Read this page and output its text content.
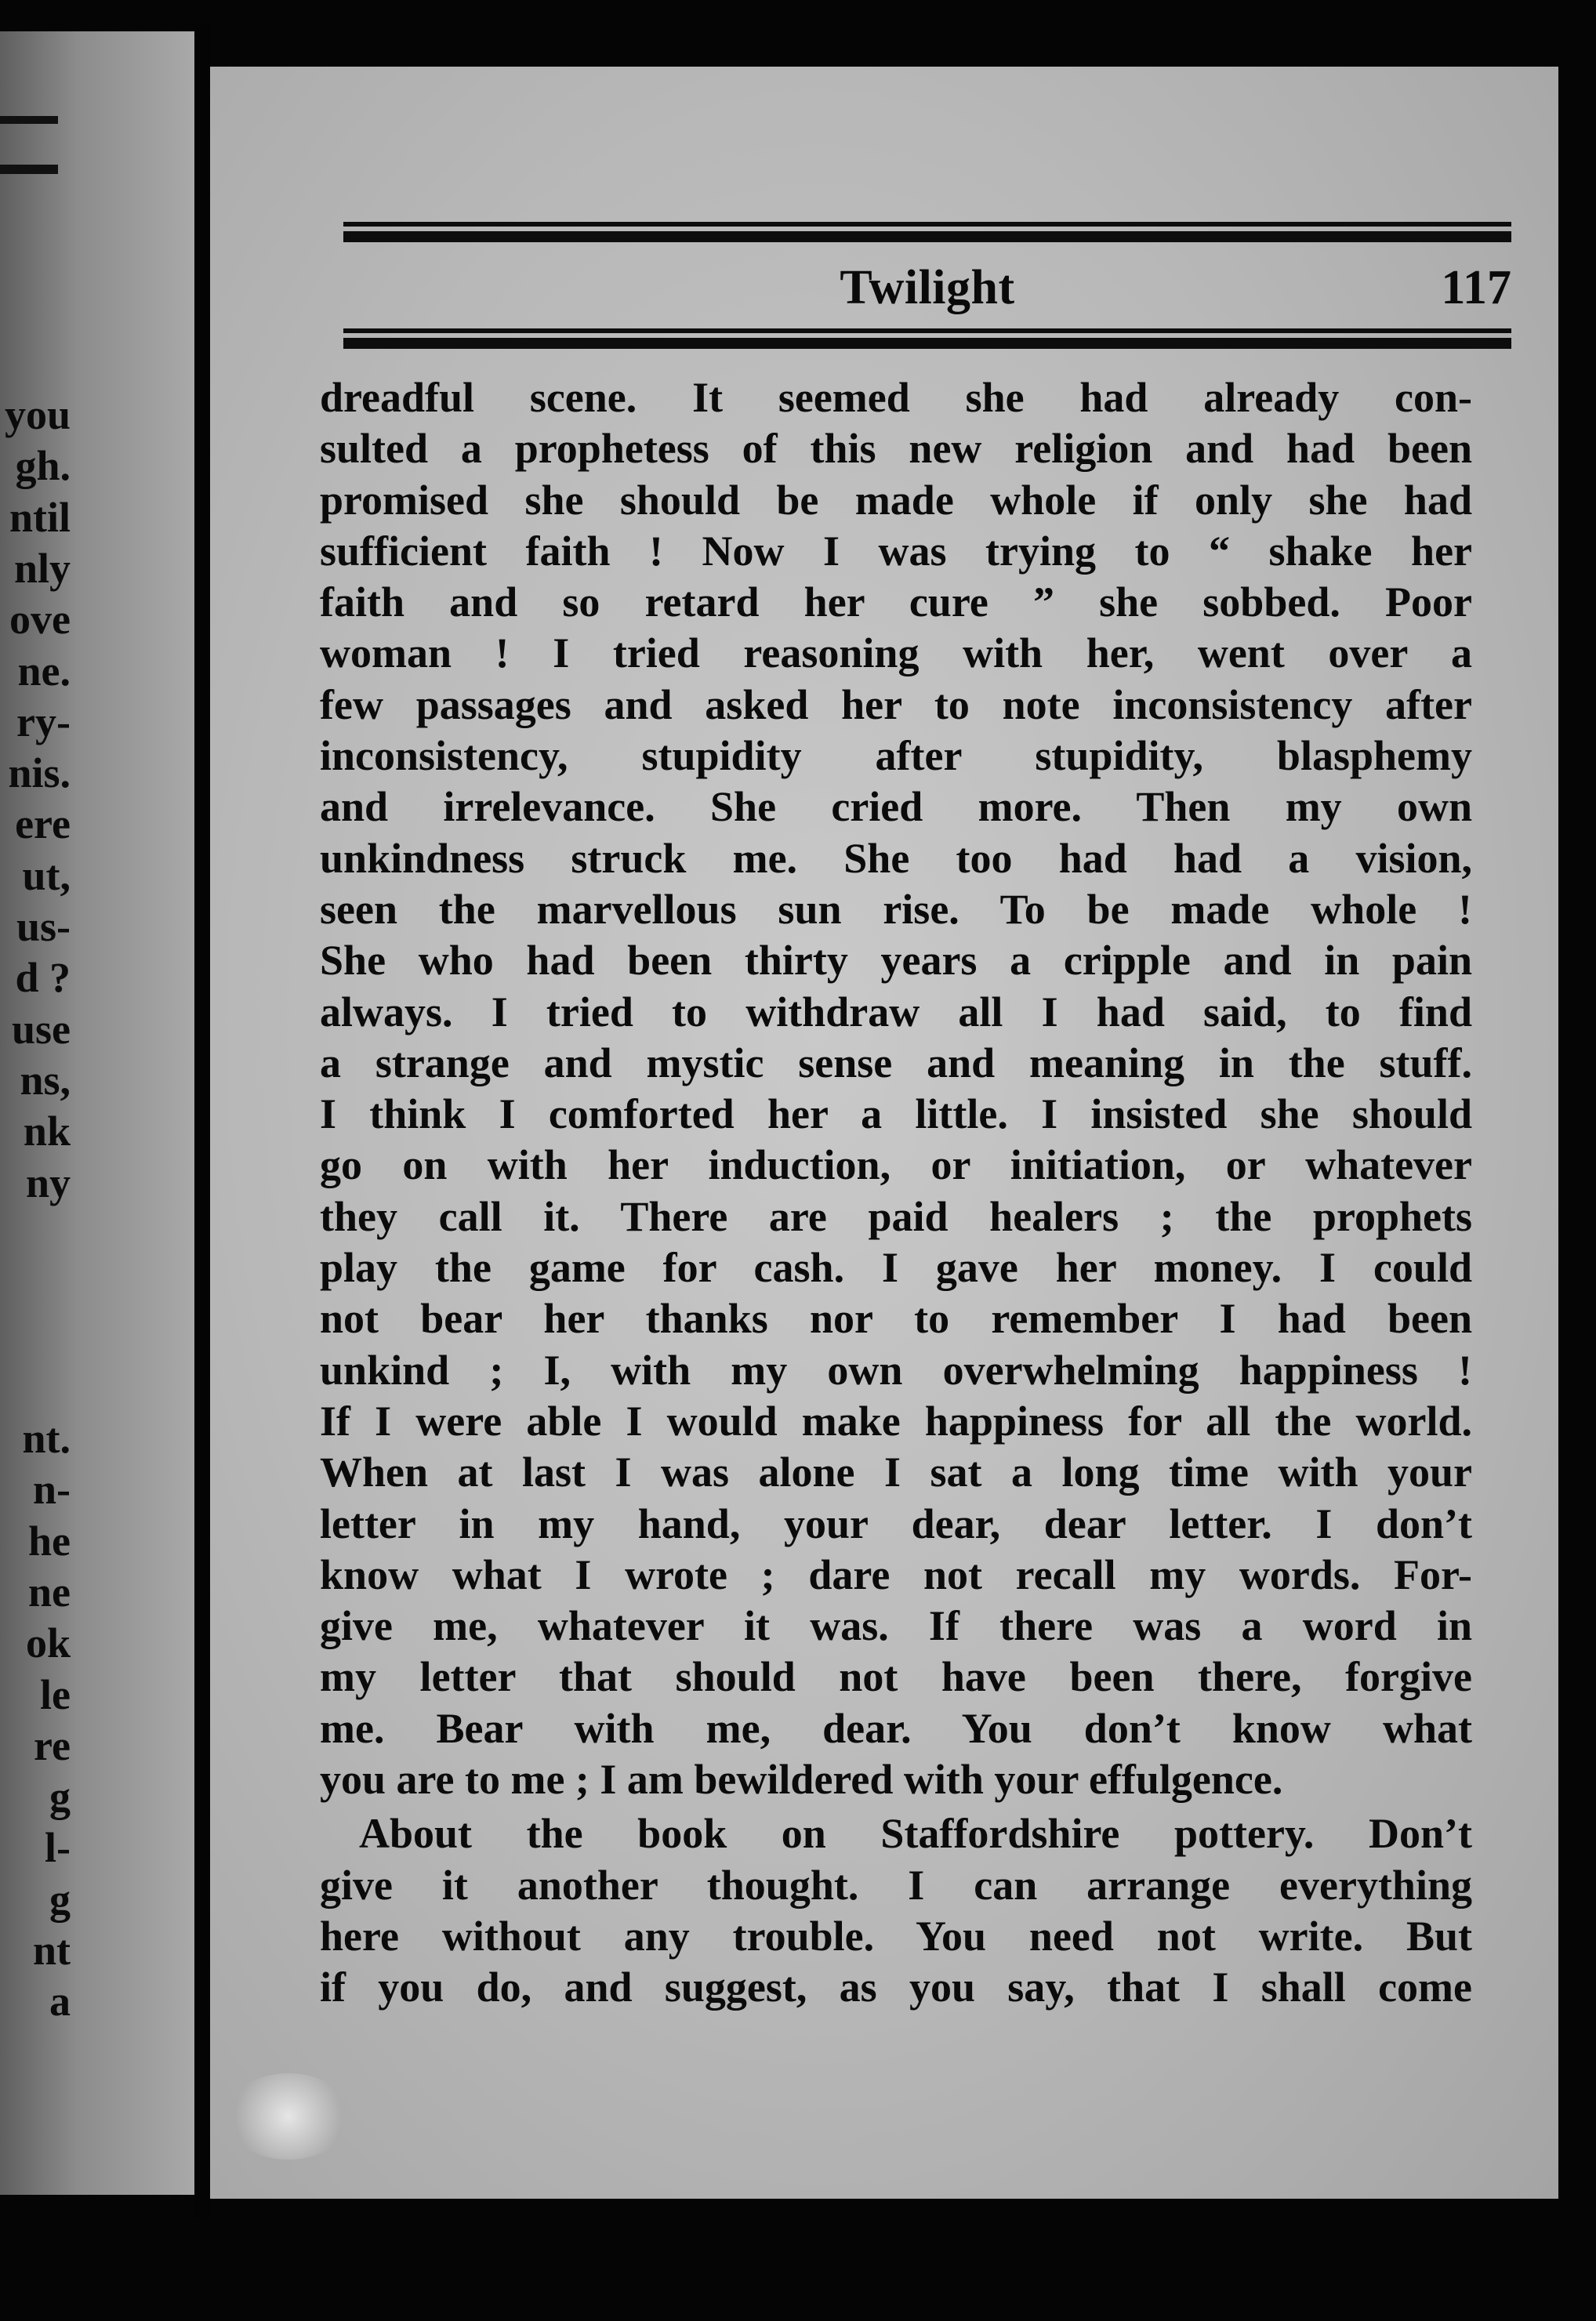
you
gh.
ntil
nly
ove
ne.
ry-
nis.
ere
ut,
us-
d ?
use
ns,
nk
ny
nt.
n-
he
ne
ok
le
re
g
l-
g
nt
a
Twilight	117
dreadful scene. It seemed she had already con-
sulted a prophetess of this new religion and had been
promised she should be made whole if only she had
sufficient faith ! Now I was trying to “ shake her
faith and so retard her cure ” she sobbed. Poor
woman ! I tried reasoning with her, went over a
few passages and asked her to note inconsistency after
inconsistency, stupidity after stupidity, blasphemy
and irrelevance. She cried more. Then my own
unkindness struck me. She too had had a vision,
seen the marvellous sun rise. To be made whole !
She who had been thirty years a cripple and in pain
always. I tried to withdraw all I had said, to find
a strange and mystic sense and meaning in the stuff.
I think I comforted her a little. I insisted she should
go on with her induction, or initiation, or whatever
they call it. There are paid healers ; the prophets
play the game for cash. I gave her money. I could
not bear her thanks nor to remember I had been
unkind ; I, with my own overwhelming happiness !
If I were able I would make happiness for all the world.
When at last I was alone I sat a long time with your
letter in my hand, your dear, dear letter. I don’t
know what I wrote ; dare not recall my words. For-
give me, whatever it was. If there was a word in
my letter that should not have been there, forgive
me. Bear with me, dear. You don’t know what
you are to me ; I am bewildered with your effulgence.
About the book on Staffordshire pottery. Don’t
give it another thought. I can arrange everything
here without any trouble. You need not write. But
if you do, and suggest, as you say, that I shall come
